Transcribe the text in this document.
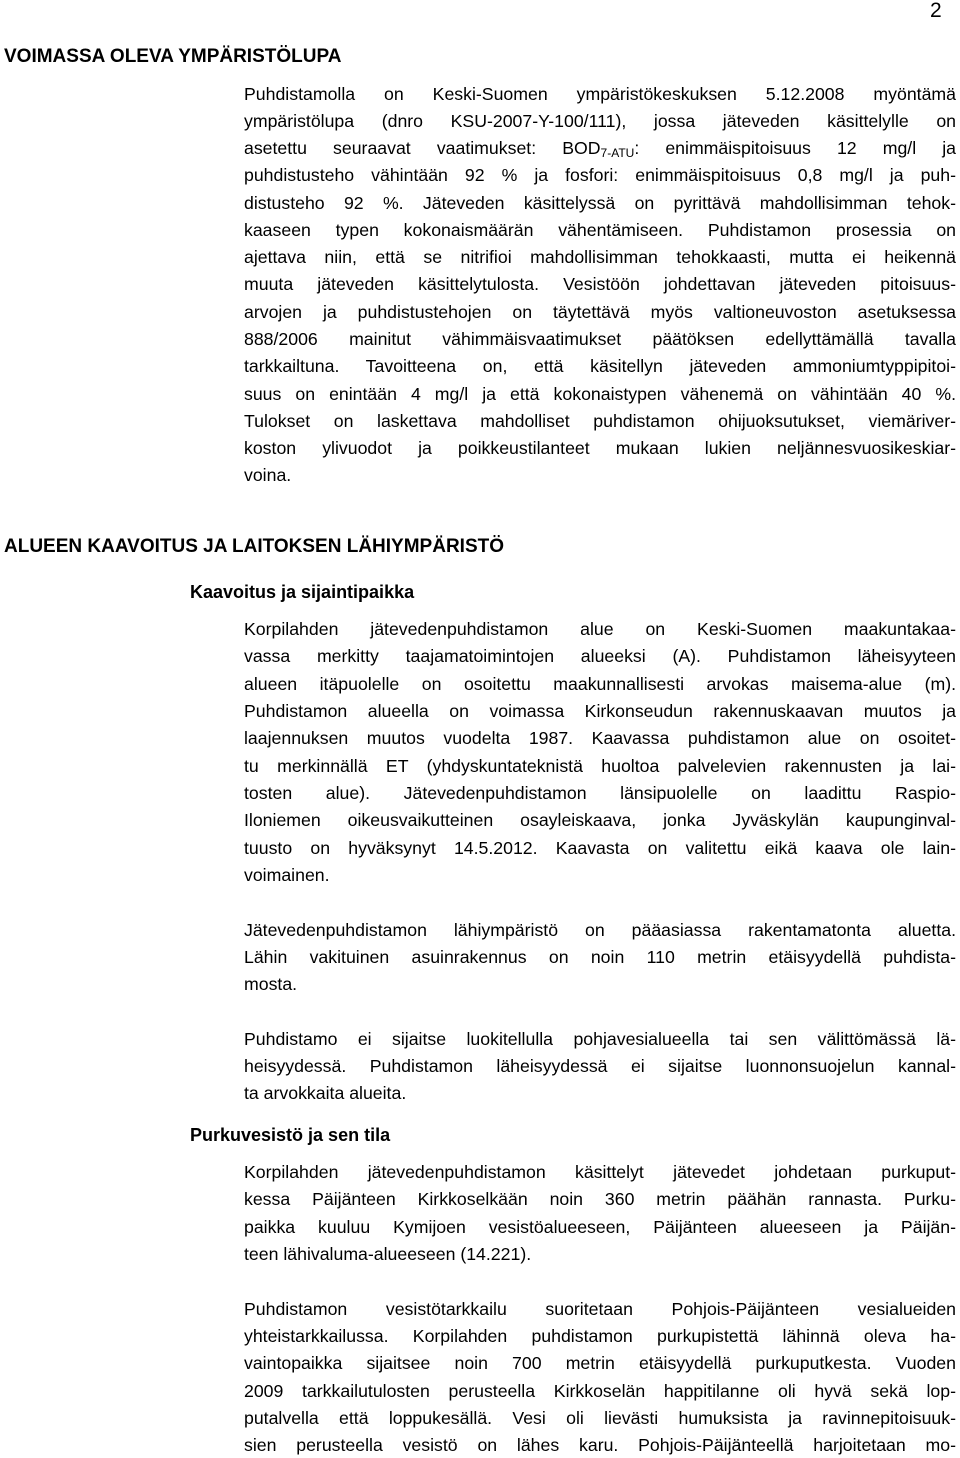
2
VOIMASSA OLEVA YMPÄRISTÖLUPA
Puhdistamolla on Keski-Suomen ympäristökeskuksen 5.12.2008 myöntämä
ympäristölupa (dnro KSU-2007-Y-100/111), jossa jäteveden käsittelylle on
asetettu seuraavat vaatimukset: $BOD_{7-ATU}$: enimmäispitoisuus 12 mg/l ja
puhdistusteho vähintään 92 % ja fosfori: enimmäispitoisuus 0,8 mg/l ja puh-
distusteho 92 %. Jäteveden käsittelyssä on pyrittävä mahdollisimman tehok-
kaaseen typen kokonaismäärän vähentämiseen. Puhdistamon prosessia on
ajettava niin, että se nitrifioi mahdollisimman tehokkaasti, mutta ei heikennä
muuta jäteveden käsittelytulosta. Vesistöön johdettavan jäteveden pitoisuus-
arvojen ja puhdistustehojen on täytettävä myös valtioneuvoston asetuksessa
888/2006 mainitut vähimmäisvaatimukset päätöksen edellyttämällä tavalla
tarkkailtuna. Tavoitteena on, että käsitellyn jäteveden ammoniumtyppipitoi-
suus on enintään 4 mg/l ja että kokonaistypen vähenemä on vähintään 40 %.
Tulokset on laskettava mahdolliset puhdistamon ohijuoksutukset, viemäriver-
koston ylivuodot ja poikkeustilanteet mukaan lukien neljännesvuosikeskiar-
voina.
ALUEEN KAAVOITUS JA LAITOKSEN LÄHIYMPÄRISTÖ
Kaavoitus ja sijaintipaikka
Korpilahden jätevedenpuhdistamon alue on Keski-Suomen maakuntakaa-
vassa merkitty taajamatoimintojen alueeksi (A). Puhdistamon läheisyyteen
alueen itäpuolelle on osoitettu maakunnallisesti arvokas maisema-alue (m).
Puhdistamon alueella on voimassa Kirkonseudun rakennuskaavan muutos ja
laajennuksen muutos vuodelta 1987. Kaavassa puhdistamon alue on osoitet-
tu merkinnällä ET (yhdyskuntateknistä huoltoa palvelevien rakennusten ja lai-
tosten alue). Jätevedenpuhdistamon länsipuolelle on laadittu Raspio-
Iloniemen oikeusvaikutteinen osayleiskaava, jonka Jyväskylän kaupunginval-
tuusto on hyväksynyt 14.5.2012. Kaavasta on valitettu eikä kaava ole lain-
voimainen.
Jätevedenpuhdistamon lähiympäristö on pääasiassa rakentamatonta aluetta.
Lähin vakituinen asuinrakennus on noin 110 metrin etäisyydellä puhdista-
mosta.
Puhdistamo ei sijaitse luokitellulla pohjavesialueella tai sen välittömässä lä-
heisyydessä. Puhdistamon läheisyydessä ei sijaitse luonnonsuojelun kannal-
ta arvokkaita alueita.
Purkuvesistö ja sen tila
Korpilahden jätevedenpuhdistamon käsittelyt jätevedet johdetaan purkuput-
kessa Päijänteen Kirkkoselkään noin 360 metrin päähän rannasta. Purku-
paikka kuuluu Kymijoen vesistöalueeseen, Päijänteen alueeseen ja Päijän-
teen lähivaluma-alueeseen (14.221).
Puhdistamon vesistötarkkailu suoritetaan Pohjois-Päijänteen vesialueiden
yhteistarkkailussa. Korpilahden puhdistamon purkupistettä lähinnä oleva ha-
vaintopaikka sijaitsee noin 700 metrin etäisyydellä purkuputkesta. Vuoden
2009 tarkkailutulosten perusteella Kirkkoselän happitilanne oli hyvä sekä lop-
putalvella että loppukesällä. Vesi oli lievästi humuksista ja ravinnepitoisuuk-
sien perusteella vesistö on lähes karu. Pohjois-Päijänteellä harjoitetaan mo-
